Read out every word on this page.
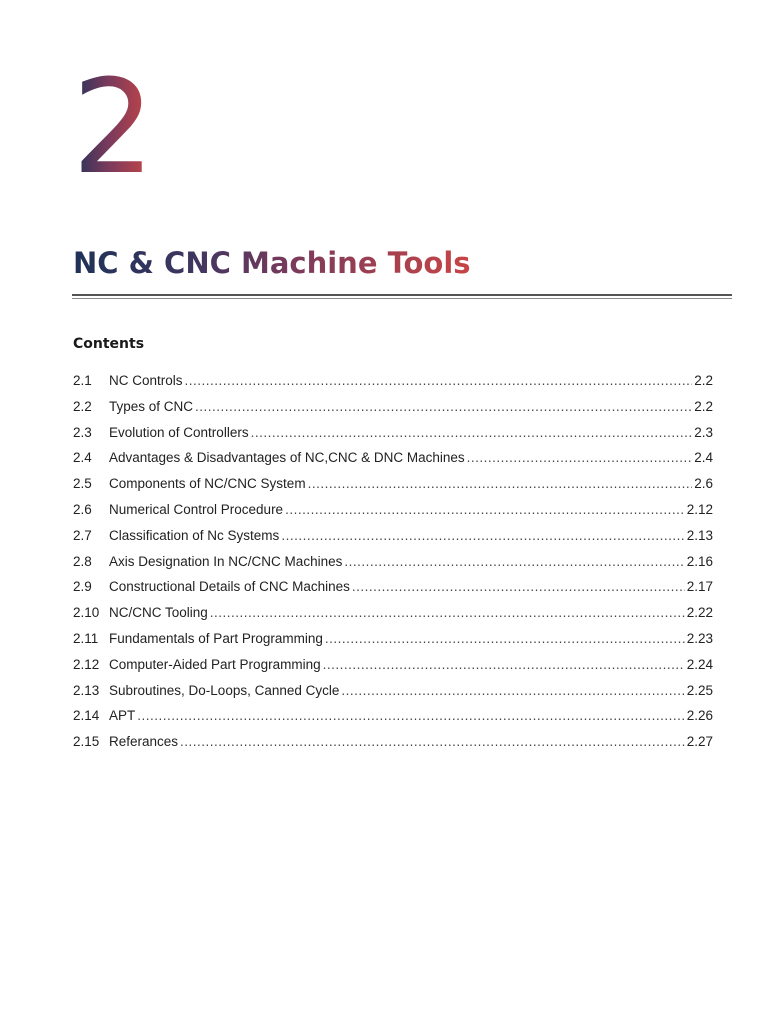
2
NC & CNC Machine Tools
Contents
2.1	NC Controls .....	2.2
2.2	Types of CNC .....	2.2
2.3	Evolution of Controllers .....	2.3
2.4	Advantages & Disadvantages of NC,CNC & DNC Machines .....	2.4
2.5	Components of NC/CNC System .....	2.6
2.6	Numerical Control Procedure .....	2.12
2.7	Classification of Nc Systems .....	2.13
2.8	Axis Designation In NC/CNC Machines .....	2.16
2.9	Constructional Details of CNC Machines .....	2.17
2.10 NC/CNC Tooling .....	2.22
2.11 Fundamentals of Part Programming .....	2.23
2.12 Computer-Aided Part Programming .....	2.24
2.13 Subroutines, Do-Loops, Canned Cycle .....	2.25
2.14 APT .....	2.26
2.15 Referances .....	2.27
